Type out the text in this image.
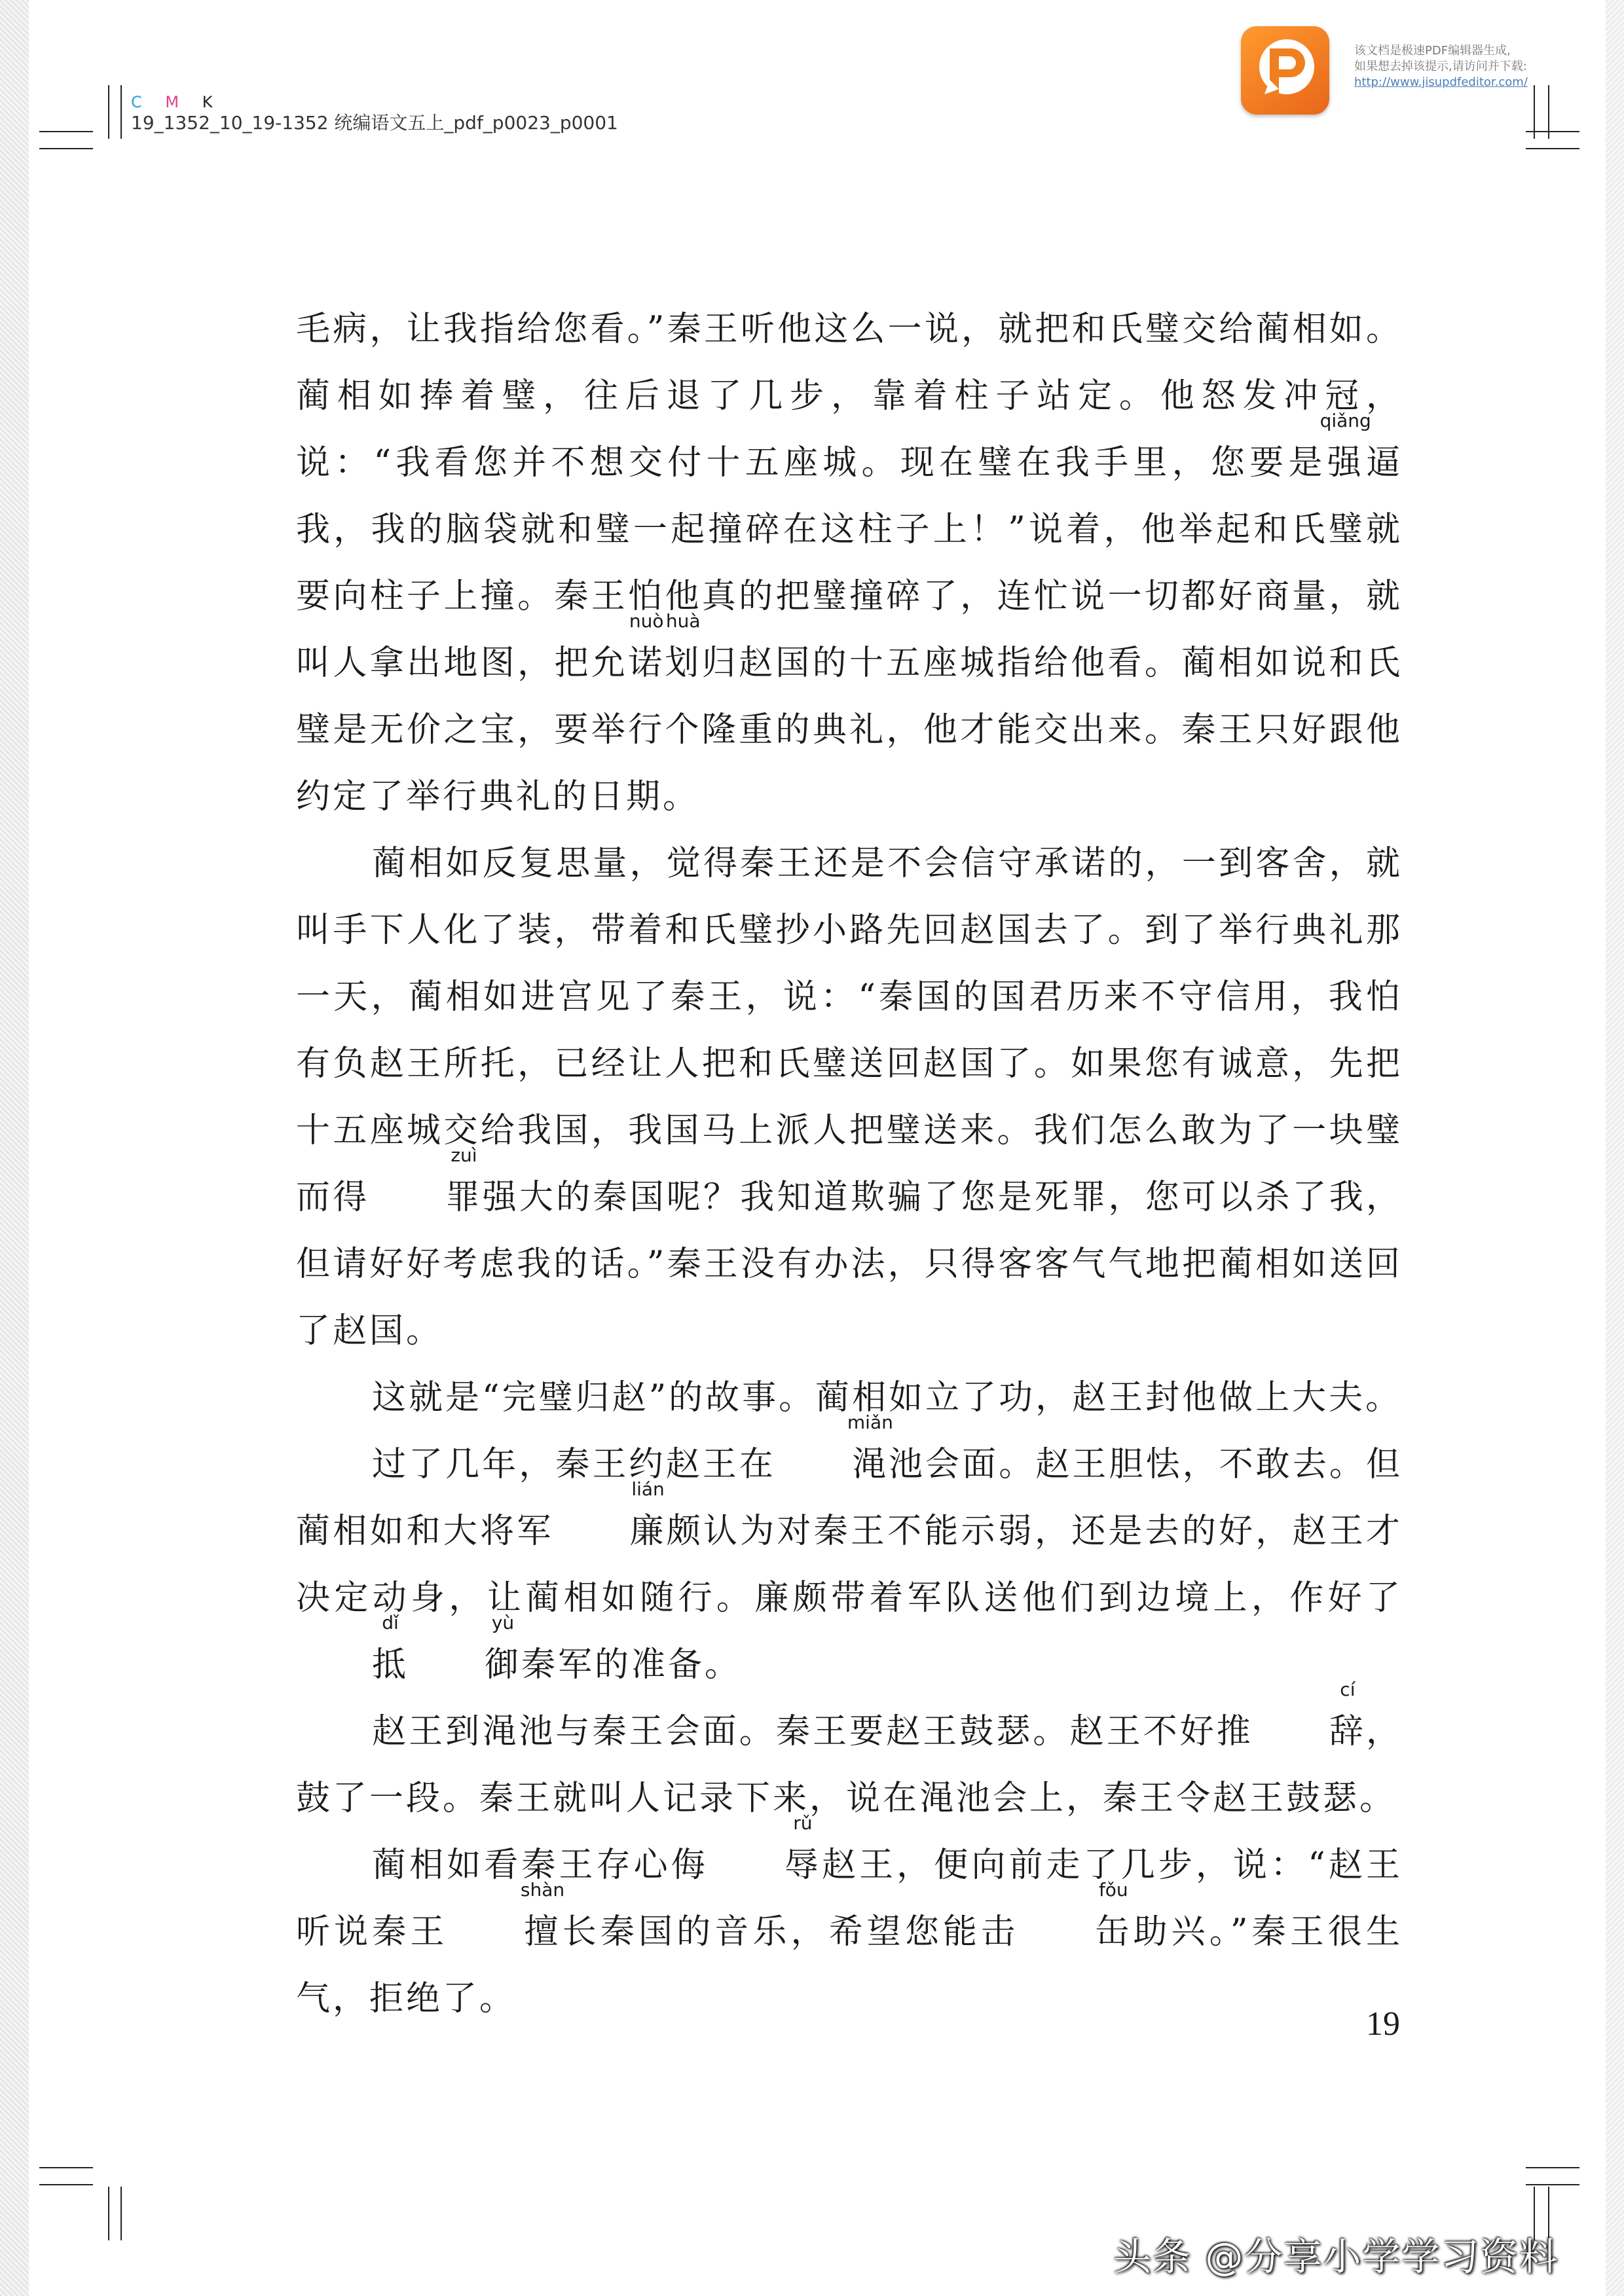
C M K
19_1352_10_19-1352 统编语文五上_pdf_p0023_p0001
该文档是极速PDF编辑器生成,
如果想去掉该提示,请访问并下载:
http://www.jisupdfeditor.com/

毛病，让我指给您看。”秦王听他这么一说，就把和氏璧交给蔺相如。蔺相如捧着璧，往后退了几步，靠着柱子站定。他怒发冲冠，说：“我看您并不想交付十五座城。现在璧在我手里，您要是
qiǎng
强逼我，我的脑袋就和璧一起撞碎在这柱子上！”说着，他举起和氏璧就要向柱子上撞。秦王怕他真的把璧撞碎了，连忙说一切都好商量，就叫人拿出地图，把允
nuò
诺
huà
划归赵国的十五座城指给他看。蔺相如说和氏璧是无价之宝，要举行个隆重的典礼，他才能交出来。秦王只好跟他约定了举行典礼的日期。

蔺相如反复思量，觉得秦王还是不会信守承诺的，一到客舍，就叫手下人化了装，带着和氏璧抄小路先回赵国去了。到了举行典礼那一天，蔺相如进宫见了秦王，说：“秦国的国君历来不守信用，我怕有负赵王所托，已经让人把和氏璧送回赵国了。如果您有诚意，先把十五座城交给我国，我国马上派人把璧送来。我们怎么敢为了一块璧而得
zuì
罪强大的秦国呢？我知道欺骗了您是死罪，您可以杀了我，但请好好考虑我的话。”秦王没有办法，只得客客气气地把蔺相如送回了赵国。

这就是“完璧归赵”的故事。蔺相如立了功，赵王封他做上大夫。

过了几年，秦王约赵王在
miǎn
渑池会面。赵王胆怯，不敢去。但蔺相如和大将军
lián
廉颇认为对秦王不能示弱，还是去的好，赵王才决定动身，让蔺相如随行。廉颇带着军队送他们到边境上，作好了
dǐ
抵
yù
御秦军的准备。

赵王到渑池与秦王会面。秦王要赵王鼓瑟。赵王不好推
cí
辞，鼓了一段。秦王就叫人记录下来，说在渑池会上，秦王令赵王鼓瑟。

蔺相如看秦王存心侮
rǔ
辱赵王，便向前走了几步，说：“赵王听说秦王
shàn
擅长秦国的音乐，希望您能击
fǒu
缶助兴。”秦王很生气，拒绝了。

19
头条 @分享小学学习资料
